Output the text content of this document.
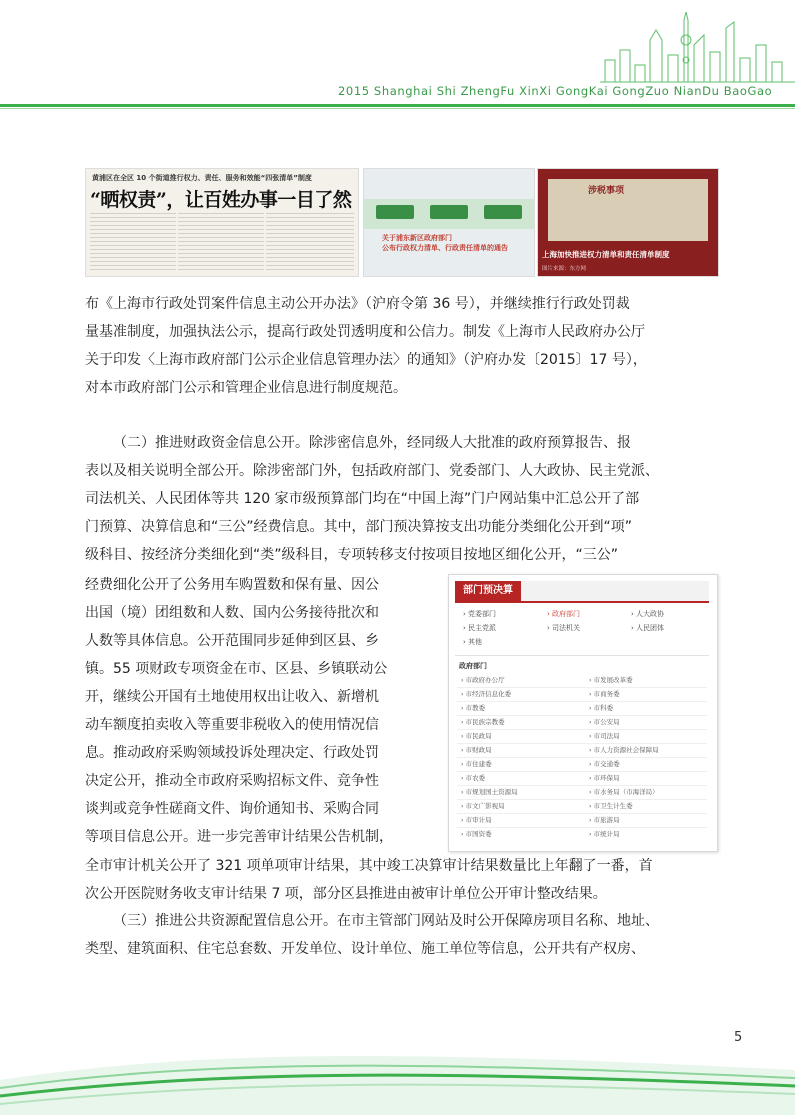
2015 Shanghai Shi ZhengFu XinXi GongKai GongZuo NianDu BaoGao
黄浦区在全区 10 个街道推行权力、责任、服务和效能“四张清单”制度
“晒权责”，让百姓办事一目了然
关于浦东新区政府部门
公布行政权力清单、行政责任清单的通告
涉税事项
上海加快推进权力清单和责任清单制度
图片来源：东方网
布《上海市行政处罚案件信息主动公开办法》（沪府令第 36 号），并继续推行行政处罚裁
量基准制度，加强执法公示，提高行政处罚透明度和公信力。制发《上海市人民政府办公厅
关于印发〈上海市政府部门公示企业信息管理办法〉的通知》（沪府办发〔2015〕17 号），
对本市政府部门公示和管理企业信息进行制度规范。
（二）推进财政资金信息公开。除涉密信息外，经同级人大批准的政府预算报告、报
表以及相关说明全部公开。除涉密部门外，包括政府部门、党委部门、人大政协、民主党派、
司法机关、人民团体等共 120 家市级预算部门均在“中国上海”门户网站集中汇总公开了部
门预算、决算信息和“三公”经费信息。其中，部门预决算按支出功能分类细化公开到“项”
级科目、按经济分类细化到“类”级科目，专项转移支付按项目按地区细化公开，“三公”
经费细化公开了公务用车购置数和保有量、因公
出国（境）团组数和人数、国内公务接待批次和
人数等具体信息。公开范围同步延伸到区县、乡
镇。55 项财政专项资金在市、区县、乡镇联动公
开，继续公开国有土地使用权出让收入、新增机
动车额度拍卖收入等重要非税收入的使用情况信
息。推动政府采购领域投诉处理决定、行政处罚
决定公开，推动全市政府采购招标文件、竞争性
谈判或竞争性磋商文件、询价通知书、采购合同
等项目信息公开。进一步完善审计结果公告机制，
全市审计机关公开了 321 项单项审计结果，其中竣工决算审计结果数量比上年翻了一番，首
次公开医院财务收支审计结果 7 项，部分区县推进由被审计单位公开审计整改结果。
（三）推进公共资源配置信息公开。在市主管部门网站及时公开保障房项目名称、地址、
类型、建筑面积、住宅总套数、开发单位、设计单位、施工单位等信息，公开共有产权房、
部门预决算
› 党委部门	› 政府部门	› 人大政协
› 民主党派	› 司法机关	› 人民团体
› 其他
政府部门
› 市政府办公厅	› 市发展改革委
› 市经济信息化委	› 市商务委
› 市教委	› 市科委
› 市民族宗教委	› 市公安局
› 市民政局	› 市司法局
› 市财政局	› 市人力资源社会保障局
› 市住建委	› 市交通委
› 市农委	› 市环保局
› 市规划国土资源局	› 市水务局（市海洋局）
› 市文广影视局	› 市卫生计生委
› 市审计局	› 市旅游局
› 市国资委	› 市统计局
5
